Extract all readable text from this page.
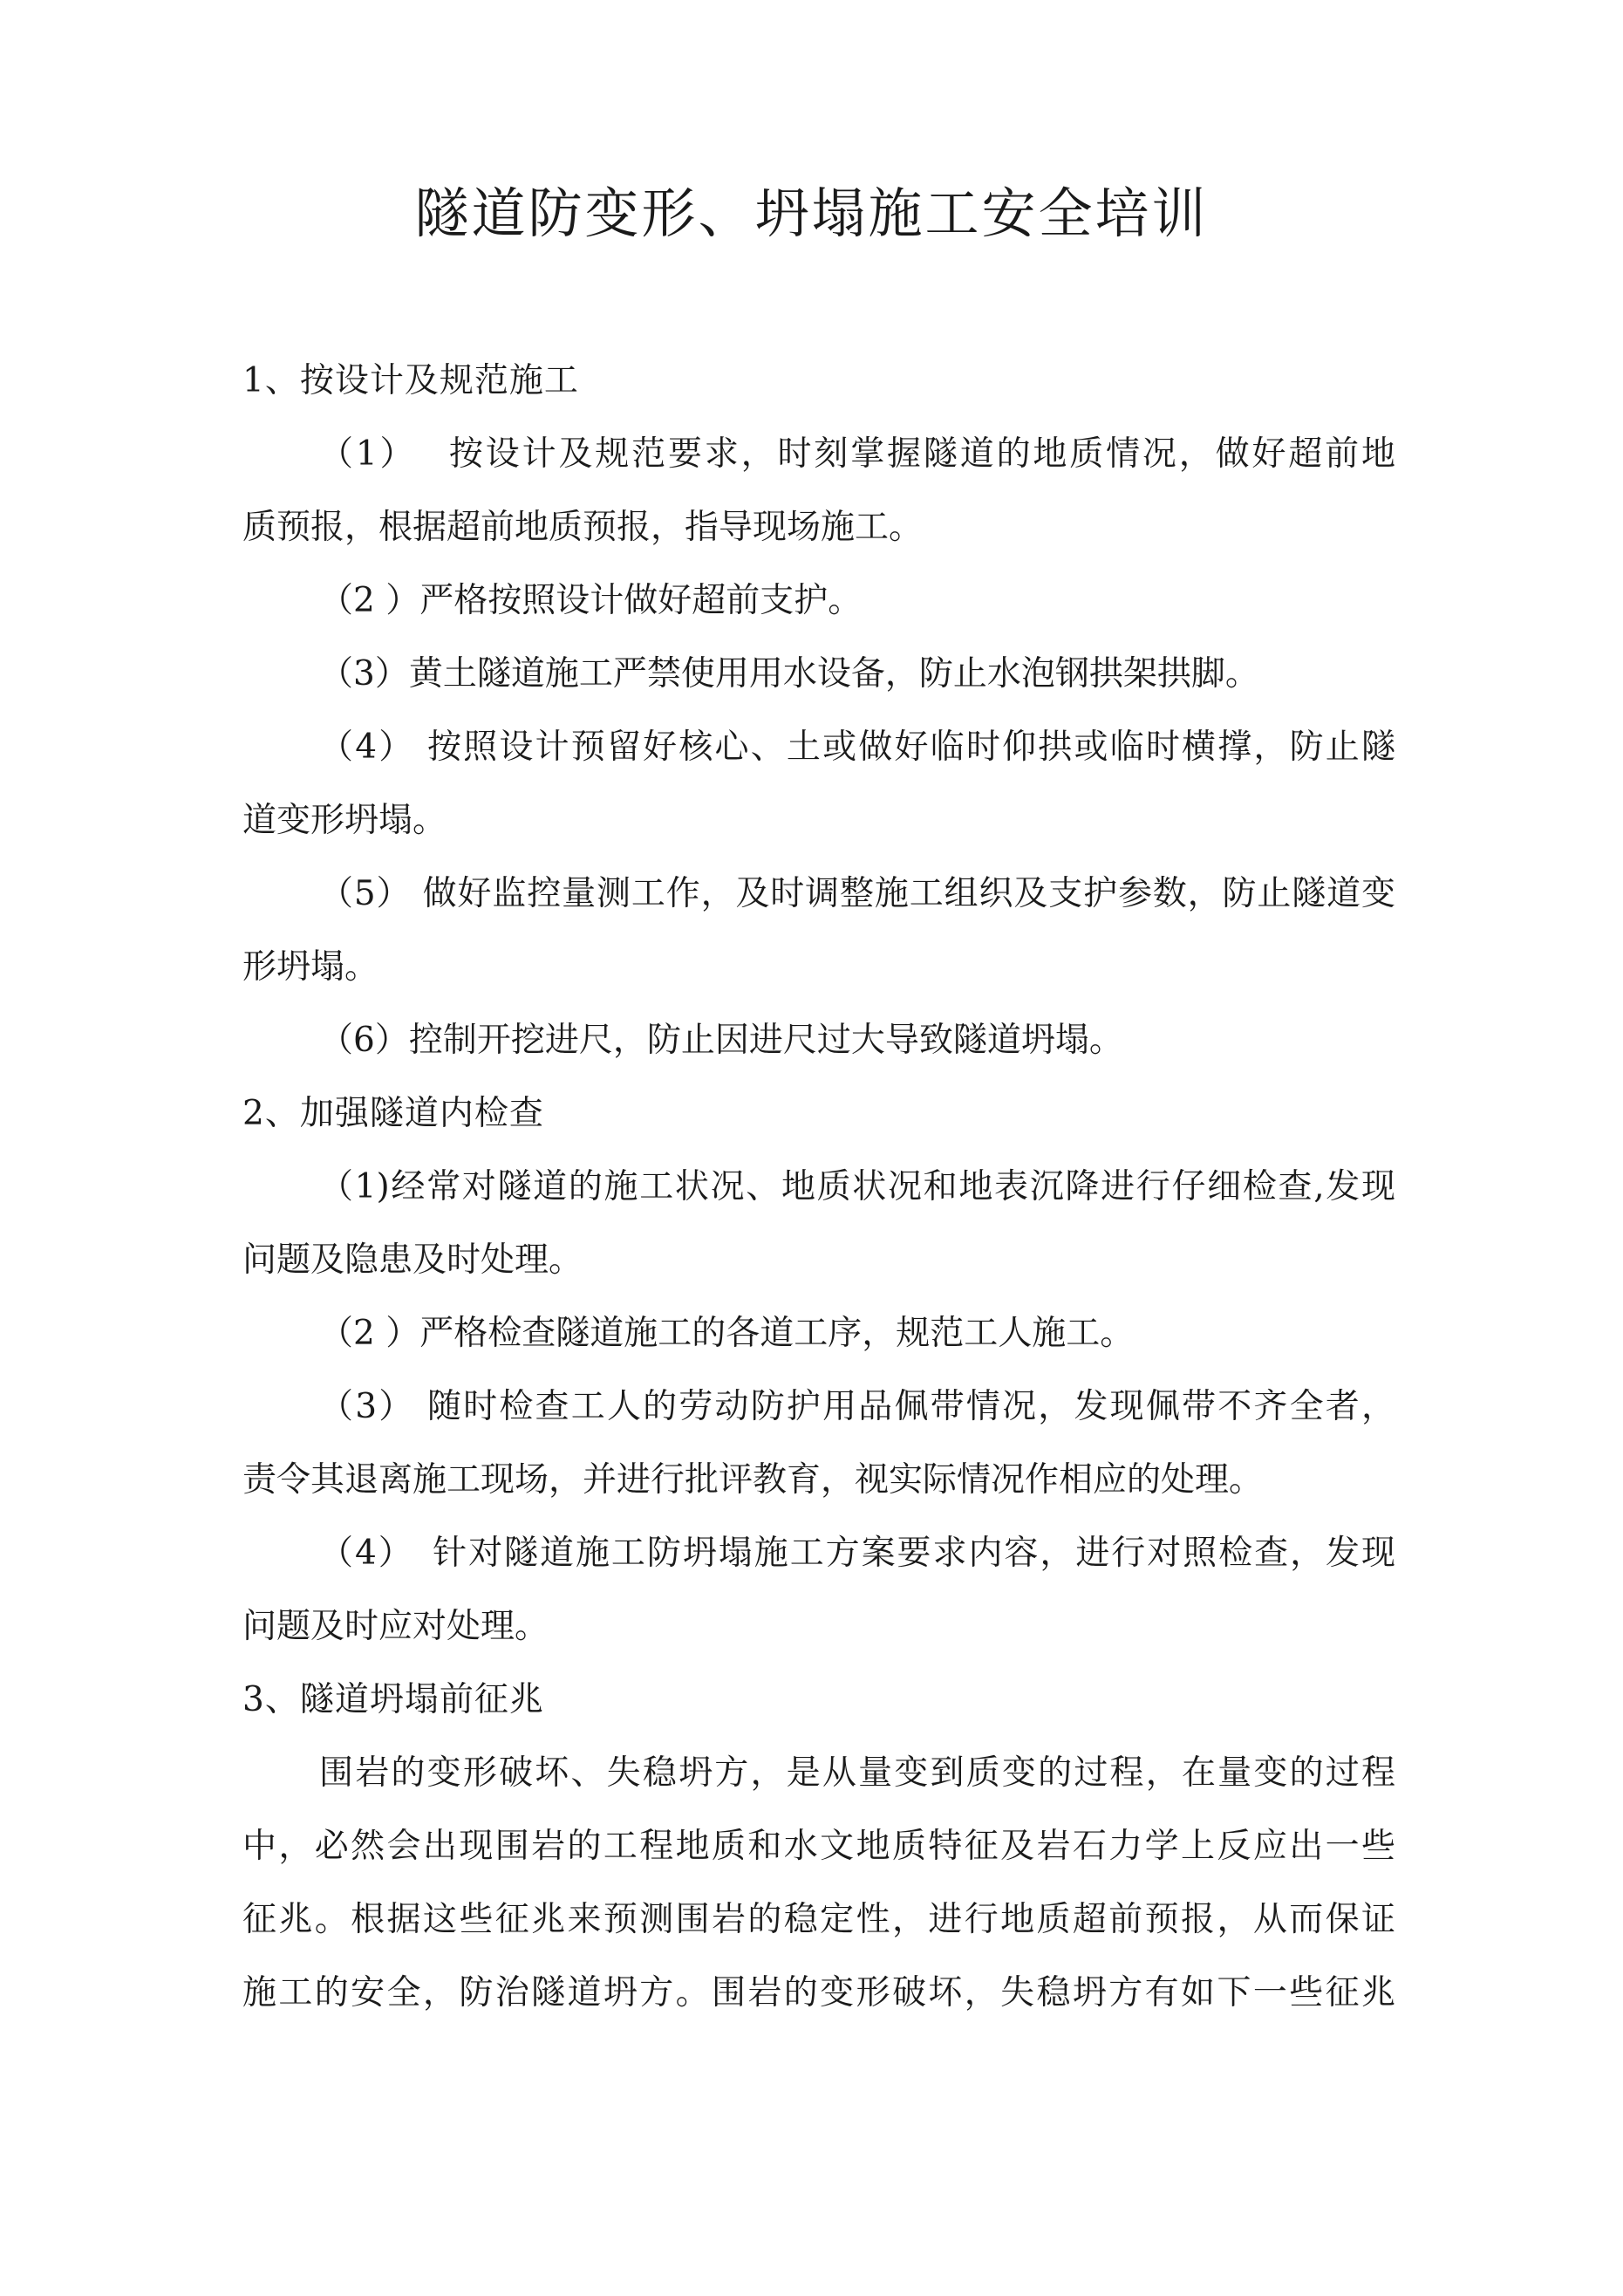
隧道防变形、坍塌施工安全培训
1、按设计及规范施工
（1）　 按设计及规范要求，时刻掌握隧道的地质情况，做好超前地
质预报，根据超前地质预报，指导现场施工。
（2 ）严格按照设计做好超前支护。
（3）黄土隧道施工严禁使用用水设备，防止水泡钢拱架拱脚。
（4） 按照设计预留好核心、土或做好临时仰拱或临时横撑，防止隧
道变形坍塌。
（5） 做好监控量测工作，及时调整施工组织及支护参数，防止隧道变
形坍塌。
（6）控制开挖进尺，防止因进尺过大导致隧道坍塌。
2、加强隧道内检查
（1)经常对隧道的施工状况、地质状况和地表沉降进行仔细检查,发现
问题及隐患及时处理。
（2 ）严格检查隧道施工的各道工序，规范工人施工。
（3） 随时检查工人的劳动防护用品佩带情况，发现佩带不齐全者，
责令其退离施工现场，并进行批评教育，视实际情况作相应的处理。
（4）　针对隧道施工防坍塌施工方案要求内容，进行对照检查，发现
问题及时应对处理。
3、隧道坍塌前征兆
围岩的变形破坏、失稳坍方，是从量变到质变的过程，在量变的过程
中，必然会出现围岩的工程地质和水文地质特征及岩石力学上反应出一些
征兆。根据这些征兆来预测围岩的稳定性，进行地质超前预报，从而保证
施工的安全，防治隧道坍方。围岩的变形破坏，失稳坍方有如下一些征兆
